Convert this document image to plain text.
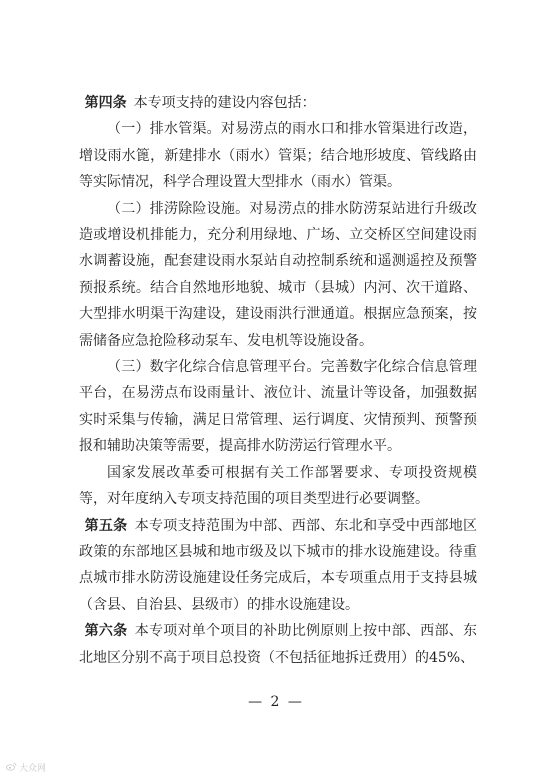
第四条  本专项支持的建设内容包括：

（一）排水管渠。对易涝点的雨水口和排水管渠进行改造，增设雨水篦，新建排水（雨水）管渠；结合地形坡度、管线路由等实际情况，科学合理设置大型排水（雨水）管渠。

（二）排涝除险设施。对易涝点的排水防涝泵站进行升级改造或增设机排能力，充分利用绿地、广场、立交桥区空间建设雨水调蓄设施，配套建设雨水泵站自动控制系统和遥测遥控及预警预报系统。结合自然地形地貌、城市（县城）内河、次干道路、大型排水明渠干沟建设，建设雨洪行泄通道。根据应急预案，按需储备应急抢险移动泵车、发电机等设施设备。

（三）数字化综合信息管理平台。完善数字化综合信息管理平台，在易涝点布设雨量计、液位计、流量计等设备，加强数据实时采集与传输，满足日常管理、运行调度、灾情预判、预警预报和辅助决策等需要，提高排水防涝运行管理水平。

国家发展改革委可根据有关工作部署要求、专项投资规模等，对年度纳入专项支持范围的项目类型进行必要调整。

第五条  本专项支持范围为中部、西部、东北和享受中西部地区政策的东部地区县城和地市级及以下城市的排水设施建设。待重点城市排水防涝设施建设任务完成后，本专项重点用于支持县城（含县、自治县、县级市）的排水设施建设。

第六条  本专项对单个项目的补助比例原则上按中部、西部、东北地区分别不高于项目总投资（不包括征地拆迁费用）的45%、

— 2 —
大众网
